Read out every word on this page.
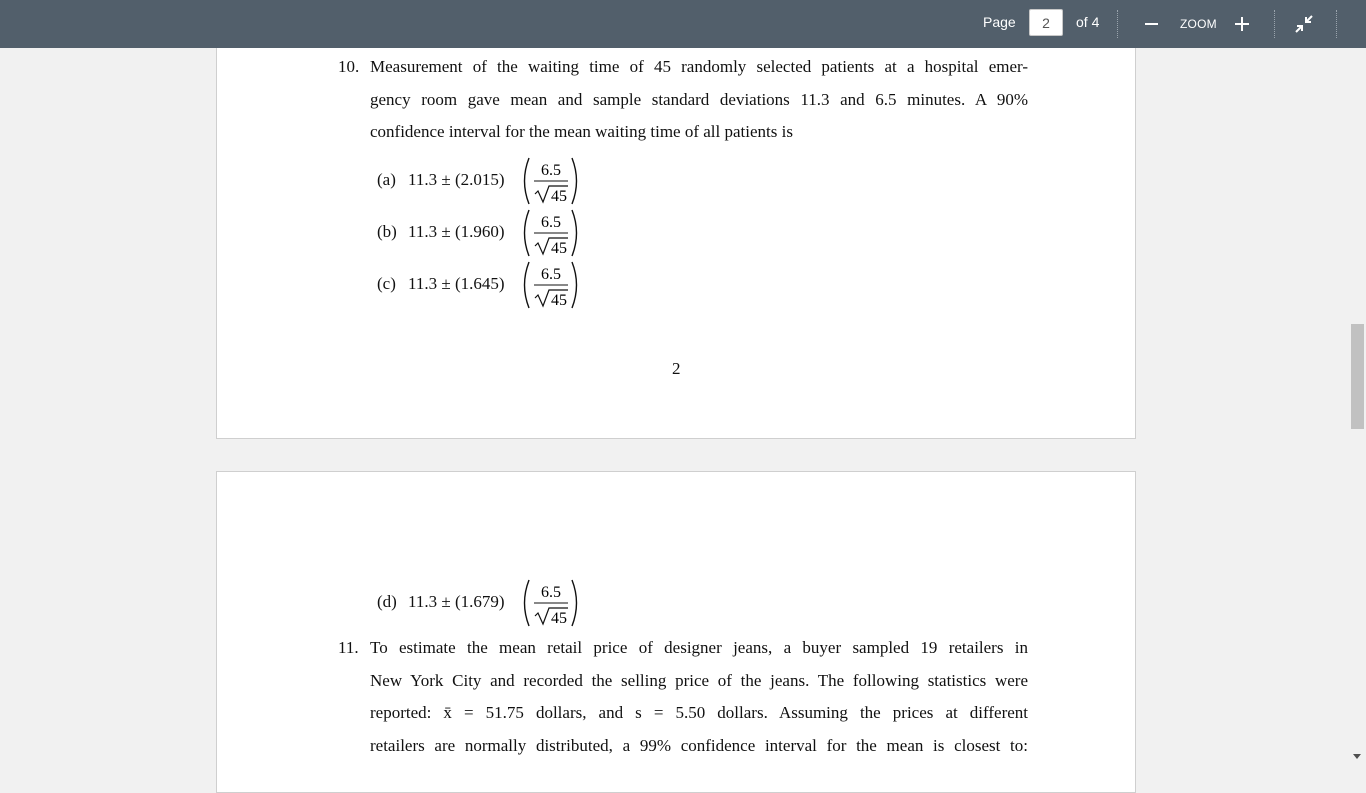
Page
2	of 4	ZOOM
10. Measurement of the waiting time of 45 randomly selected patients at a hospital emer-
gency room gave mean and sample standard deviations 11.3 and 6.5 minutes. A 90%
confidence interval for the mean waiting time of all patients is
(a) 11.3 ± (2.015) 6.5
45
(b) 11.3 ± (1.960) 6.5
45
(c) 11.3 ± (1.645) 6.5
45
2
(d) 11.3 ± (1.679) 6.5
45
11. To estimate the mean retail price of designer jeans, a buyer sampled 19 retailers in
New York City and recorded the selling price of the jeans. The following statistics were
reported: x̄ = 51.75 dollars, and s = 5.50 dollars. Assuming the prices at different
retailers are normally distributed, a 99% confidence interval for the mean is closest to:
